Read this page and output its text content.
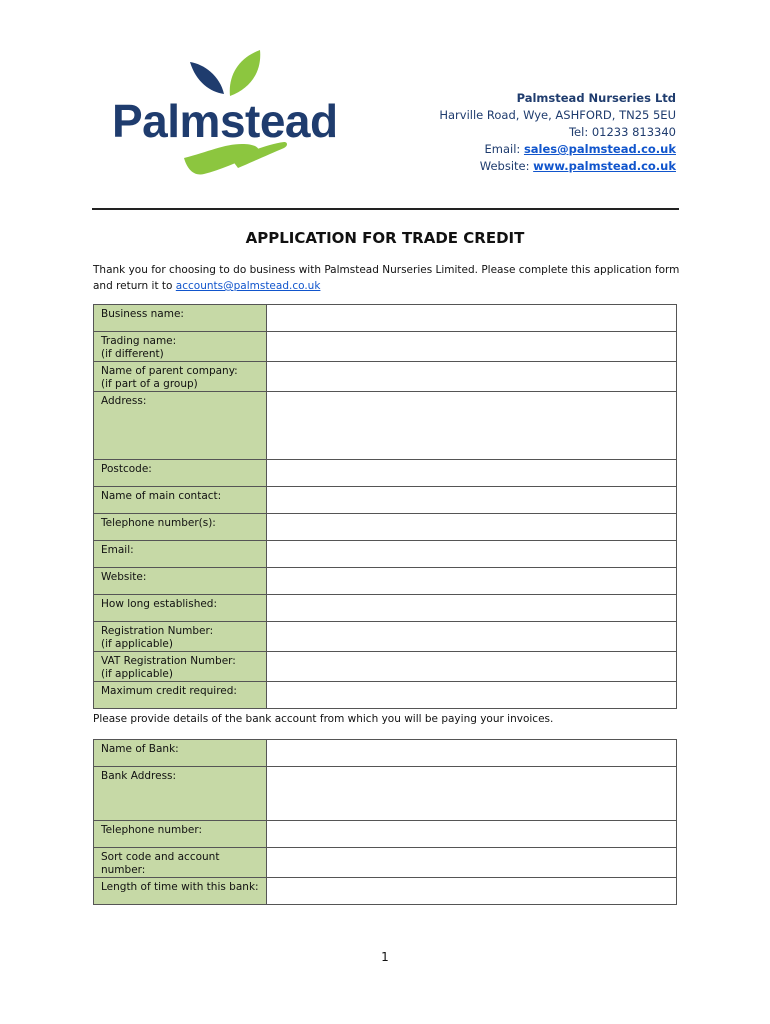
Palmstead	Palmstead Nurseries Ltd
Harville Road, Wye, ASHFORD, TN25 5EU
Tel: 01233 813340
Email: sales@palmstead.co.uk
Website: www.palmstead.co.uk
APPLICATION FOR TRADE CREDIT
Thank you for choosing to do business with Palmstead Nurseries Limited. Please complete this application form and return it to accounts@palmstead.co.uk
Business name:	
Trading name:
(if different)	
Name of parent company:
(if part of a group)	
Address:	
Postcode:	
Name of main contact:	
Telephone number(s):	
Email:	
Website:	
How long established:	
Registration Number:
(if applicable)	
VAT Registration Number:
(if applicable)	
Maximum credit required:	
Please provide details of the bank account from which you will be paying your invoices.
Name of Bank:	
Bank Address:	
Telephone number:	
Sort code and account
number:	
Length of time with this bank:	
1
